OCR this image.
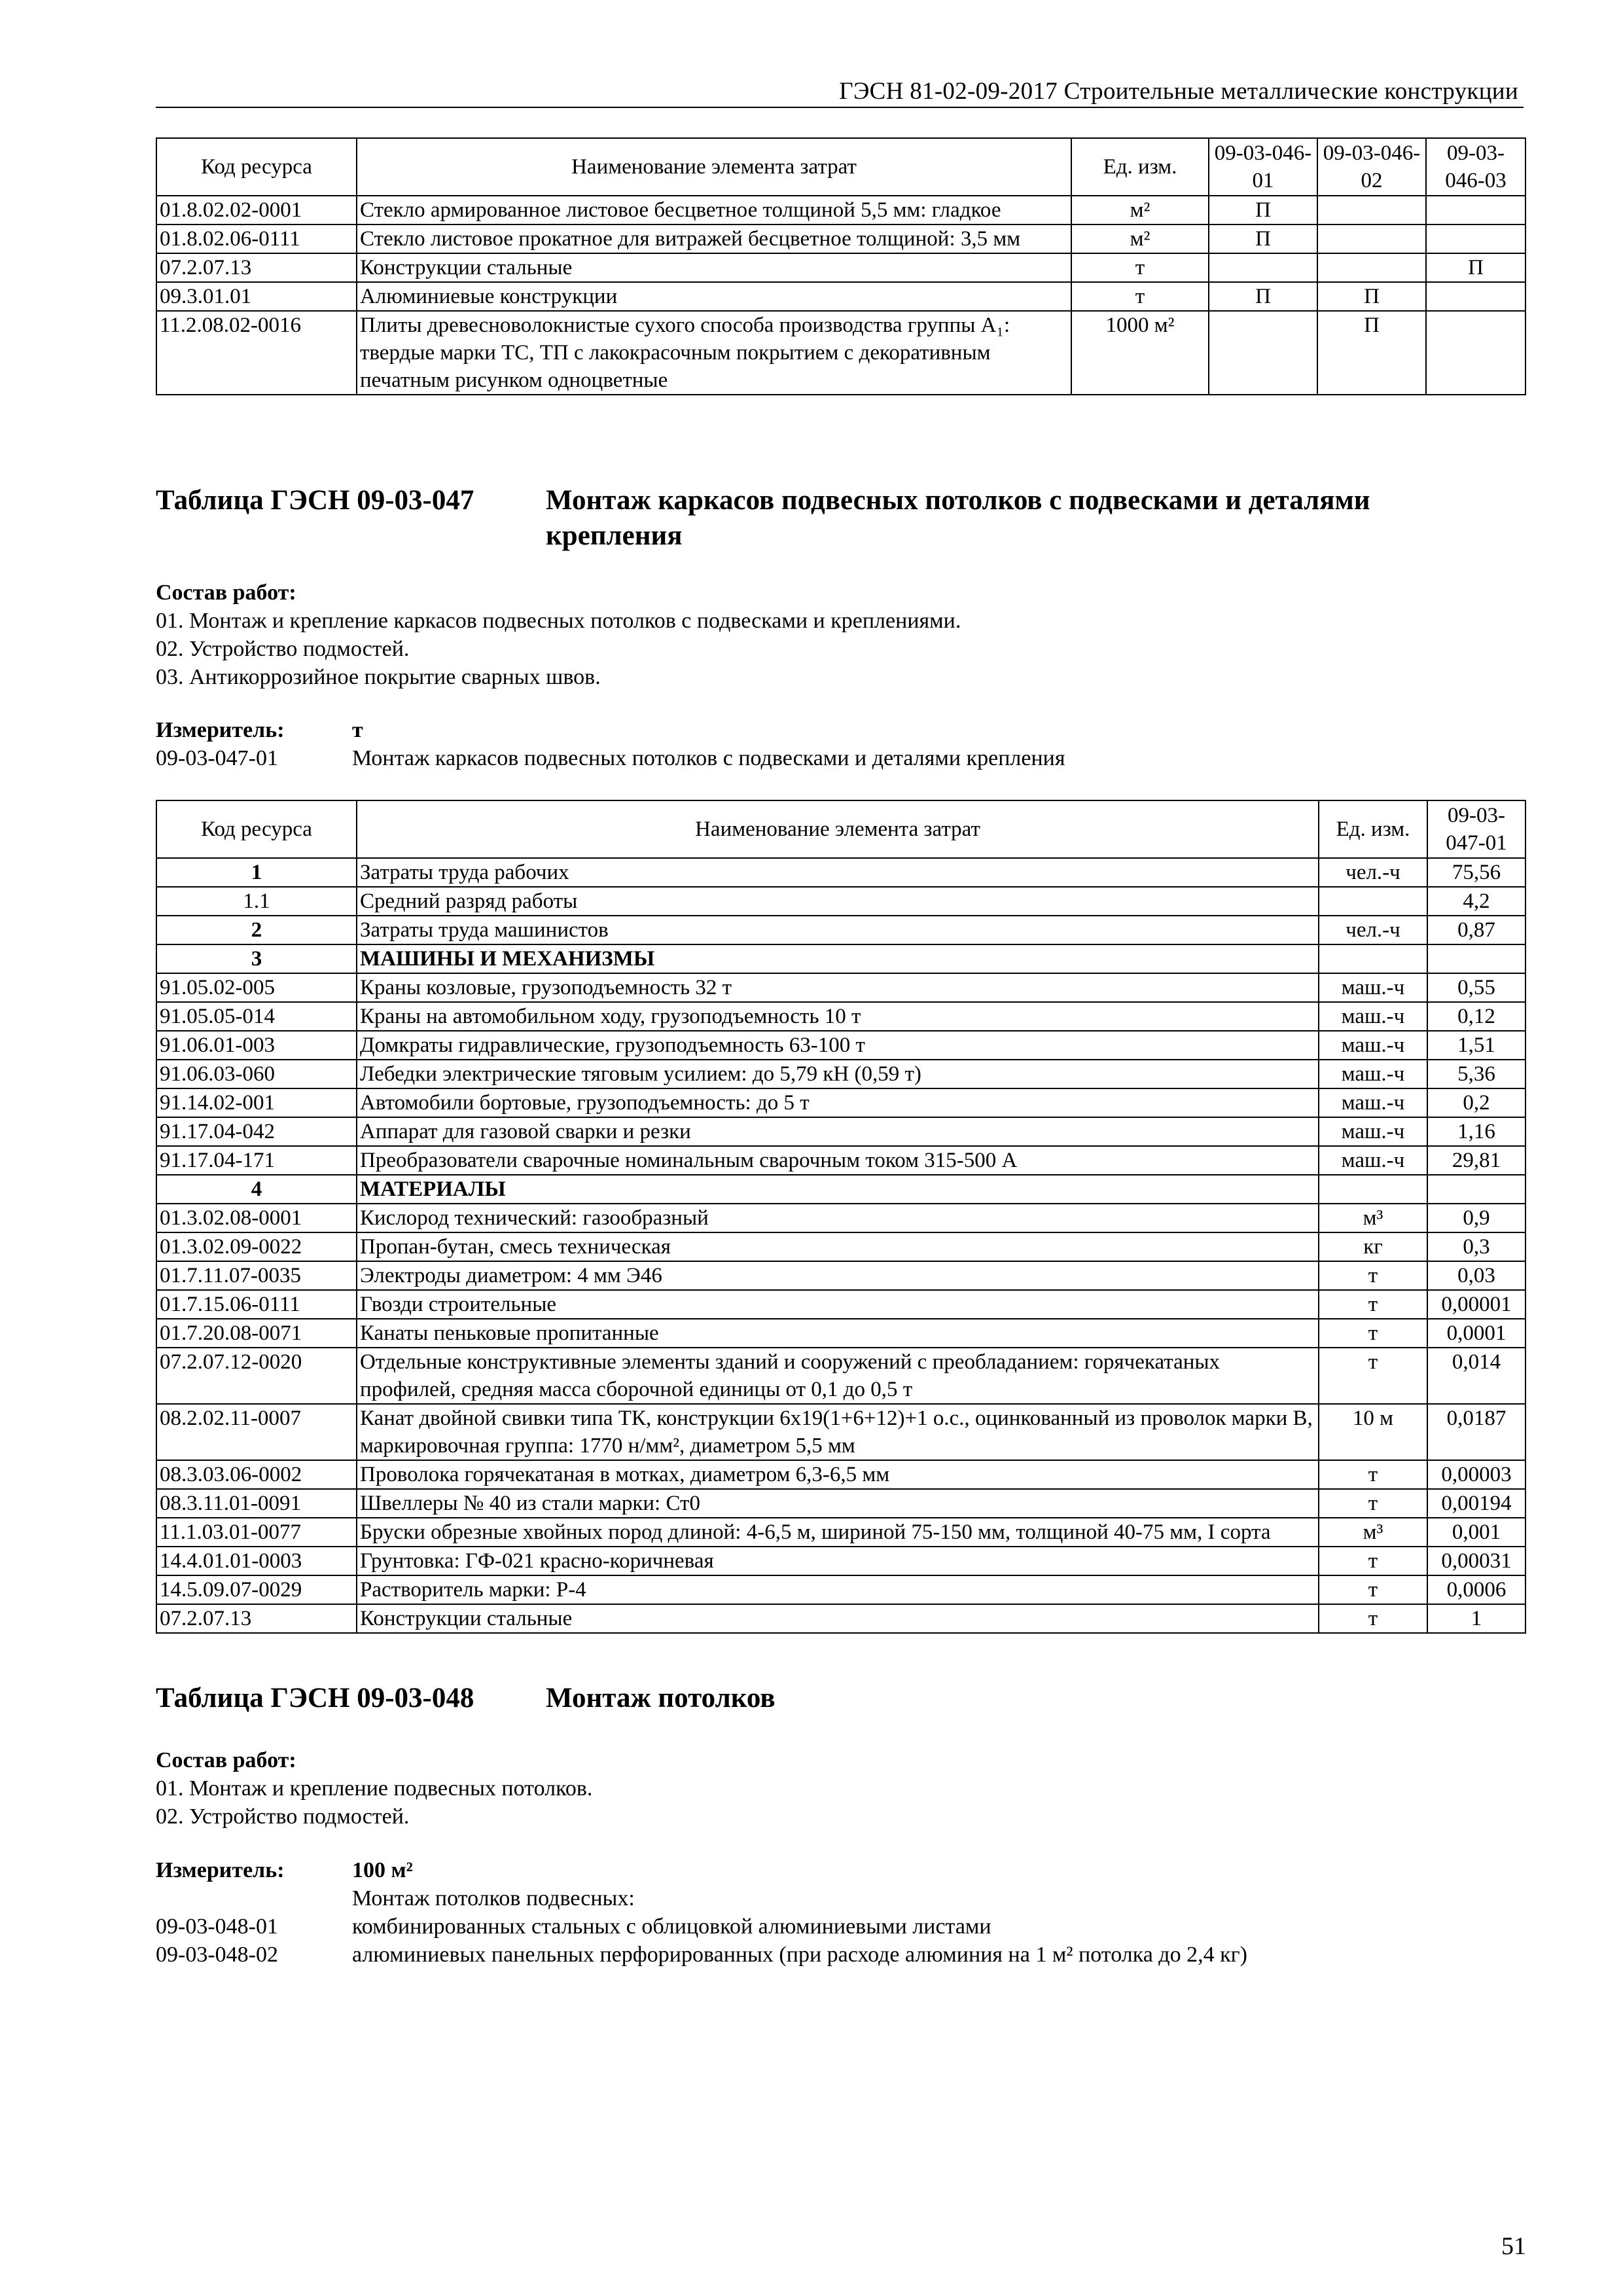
ГЭСН 81-02-09-2017 Строительные металлические конструкции
Код ресурса	Наименование элемента затрат	Ед. изм.	09-03-046-01	09-03-046-02	09-03-046-03
01.8.02.02-0001	Стекло армированное листовое бесцветное толщиной 5,5 мм: гладкое	м²	П		
01.8.02.06-0111	Стекло листовое прокатное для витражей бесцветное толщиной: 3,5 мм	м²	П		
07.2.07.13	Конструкции стальные	т			П
09.3.01.01	Алюминиевые конструкции	т	П	П	
11.2.08.02-0016	Плиты древесноволокнистые сухого способа производства группы А₁: твердые марки ТС, ТП с лакокрасочным покрытием с декоративным печатным рисунком одноцветные	1000 м²		П	
Таблица ГЭСН 09-03-047	Монтаж каркасов подвесных потолков с подвесками и деталями крепления
Состав работ:
01. Монтаж и крепление каркасов подвесных потолков с подвесками и креплениями.
02. Устройство подмостей.
03. Антикоррозийное покрытие сварных швов.
Измеритель:	т
09-03-047-01	Монтаж каркасов подвесных потолков с подвесками и деталями крепления
Код ресурса	Наименование элемента затрат	Ед. изм.	09-03-047-01
1	Затраты труда рабочих	чел.-ч	75,56
1.1	Средний разряд работы		4,2
2	Затраты труда машинистов	чел.-ч	0,87
3	МАШИНЫ И МЕХАНИЗМЫ		
91.05.02-005	Краны козловые, грузоподъемность 32 т	маш.-ч	0,55
91.05.05-014	Краны на автомобильном ходу, грузоподъемность 10 т	маш.-ч	0,12
91.06.01-003	Домкраты гидравлические, грузоподъемность 63-100 т	маш.-ч	1,51
91.06.03-060	Лебедки электрические тяговым усилием: до 5,79 кН (0,59 т)	маш.-ч	5,36
91.14.02-001	Автомобили бортовые, грузоподъемность: до 5 т	маш.-ч	0,2
91.17.04-042	Аппарат для газовой сварки и резки	маш.-ч	1,16
91.17.04-171	Преобразователи сварочные номинальным сварочным током 315-500 А	маш.-ч	29,81
4	МАТЕРИАЛЫ		
01.3.02.08-0001	Кислород технический: газообразный	м³	0,9
01.3.02.09-0022	Пропан-бутан, смесь техническая	кг	0,3
01.7.11.07-0035	Электроды диаметром: 4 мм Э46	т	0,03
01.7.15.06-0111	Гвозди строительные	т	0,00001
01.7.20.08-0071	Канаты пеньковые пропитанные	т	0,0001
07.2.07.12-0020	Отдельные конструктивные элементы зданий и сооружений с преобладанием: горячекатаных профилей, средняя масса сборочной единицы от 0,1 до 0,5 т	т	0,014
08.2.02.11-0007	Канат двойной свивки типа ТК, конструкции 6х19(1+6+12)+1 о.с., оцинкованный из проволок марки В, маркировочная группа: 1770 н/мм², диаметром 5,5 мм	10 м	0,0187
08.3.03.06-0002	Проволока горячекатаная в мотках, диаметром 6,3-6,5 мм	т	0,00003
08.3.11.01-0091	Швеллеры № 40 из стали марки: Ст0	т	0,00194
11.1.03.01-0077	Бруски обрезные хвойных пород длиной: 4-6,5 м, шириной 75-150 мм, толщиной 40-75 мм, I сорта	м³	0,001
14.4.01.01-0003	Грунтовка: ГФ-021 красно-коричневая	т	0,00031
14.5.09.07-0029	Растворитель марки: Р-4	т	0,0006
07.2.07.13	Конструкции стальные	т	1
Таблица ГЭСН 09-03-048	Монтаж потолков
Состав работ:
01. Монтаж и крепление подвесных потолков.
02. Устройство подмостей.
Измеритель:	100 м²
Монтаж потолков подвесных:
09-03-048-01	комбинированных стальных с облицовкой алюминиевыми листами
09-03-048-02	алюминиевых панельных перфорированных (при расходе алюминия на 1 м² потолка до 2,4 кг)
51
